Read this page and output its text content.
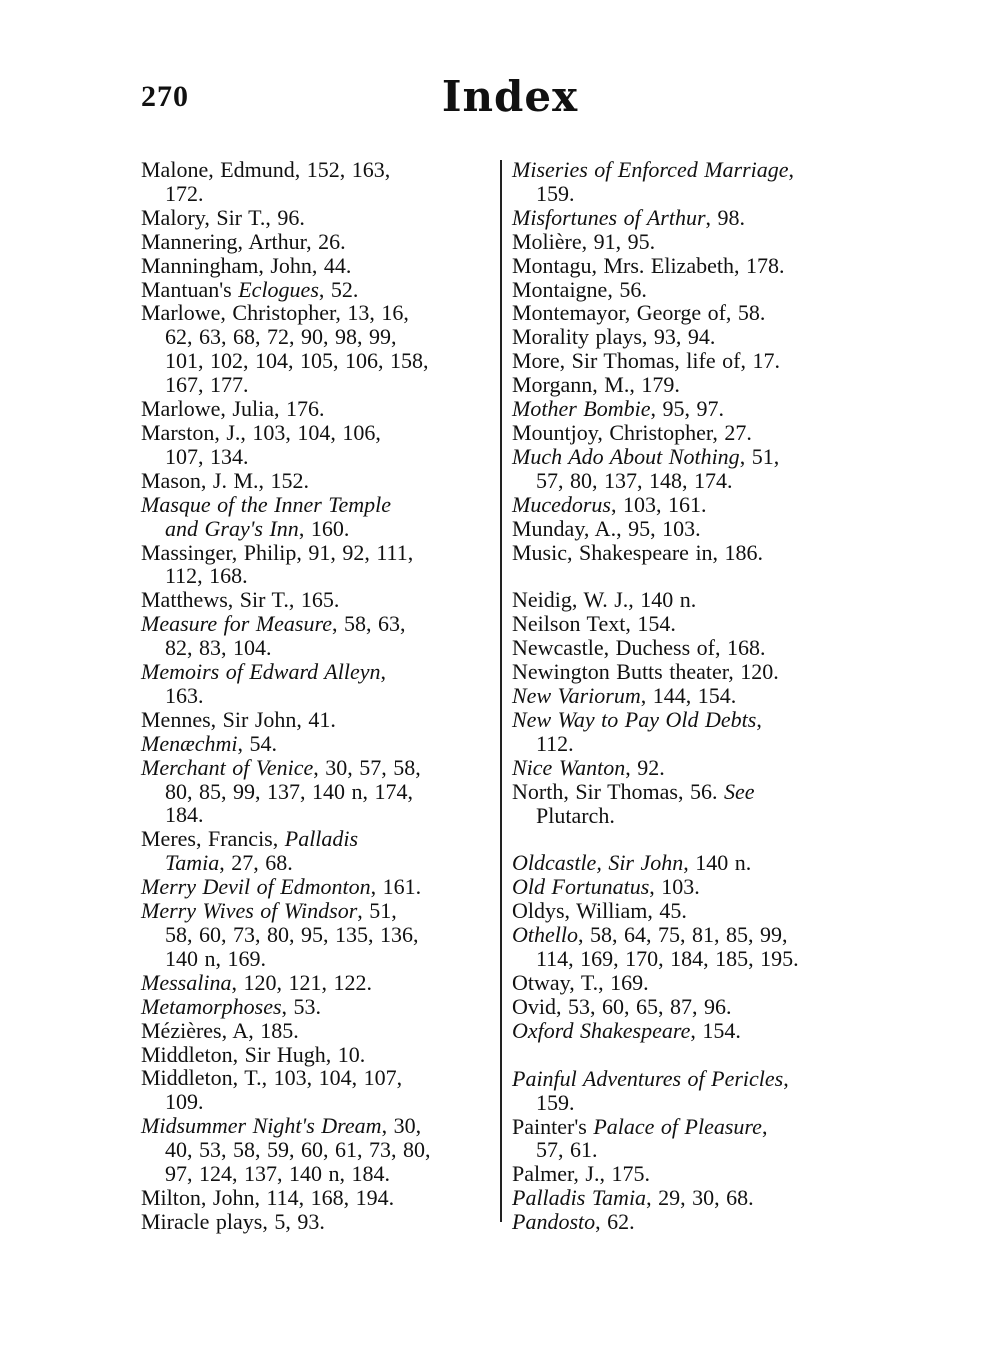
270	Index
Malone, Edmund, 152, 163,
172.
Malory, Sir T., 96.
Mannering, Arthur, 26.
Manningham, John, 44.
Mantuan's Eclogues, 52.
Marlowe, Christopher, 13, 16,
62, 63, 68, 72, 90, 98, 99,
101, 102, 104, 105, 106, 158,
167, 177.
Marlowe, Julia, 176.
Marston, J., 103, 104, 106,
107, 134.
Mason, J. M., 152.
Masque of the Inner Temple
and Gray's Inn, 160.
Massinger, Philip, 91, 92, 111,
112, 168.
Matthews, Sir T., 165.
Measure for Measure, 58, 63,
82, 83, 104.
Memoirs of Edward Alleyn,
163.
Mennes, Sir John, 41.
Menæchmi, 54.
Merchant of Venice, 30, 57, 58,
80, 85, 99, 137, 140 n, 174,
184.
Meres, Francis, Palladis
Tamia, 27, 68.
Merry Devil of Edmonton, 161.
Merry Wives of Windsor, 51,
58, 60, 73, 80, 95, 135, 136,
140 n, 169.
Messalina, 120, 121, 122.
Metamorphoses, 53.
Mézières, A, 185.
Middleton, Sir Hugh, 10.
Middleton, T., 103, 104, 107,
109.
Midsummer Night's Dream, 30,
40, 53, 58, 59, 60, 61, 73, 80,
97, 124, 137, 140 n, 184.
Milton, John, 114, 168, 194.
Miracle plays, 5, 93.
Miseries of Enforced Marriage,
159.
Misfortunes of Arthur, 98.
Molière, 91, 95.
Montagu, Mrs. Elizabeth, 178.
Montaigne, 56.
Montemayor, George of, 58.
Morality plays, 93, 94.
More, Sir Thomas, life of, 17.
Morgann, M., 179.
Mother Bombie, 95, 97.
Mountjoy, Christopher, 27.
Much Ado About Nothing, 51,
57, 80, 137, 148, 174.
Mucedorus, 103, 161.
Munday, A., 95, 103.
Music, Shakespeare in, 186.
Neidig, W. J., 140 n.
Neilson Text, 154.
Newcastle, Duchess of, 168.
Newington Butts theater, 120.
New Variorum, 144, 154.
New Way to Pay Old Debts,
112.
Nice Wanton, 92.
North, Sir Thomas, 56. See
Plutarch.
Oldcastle, Sir John, 140 n.
Old Fortunatus, 103.
Oldys, William, 45.
Othello, 58, 64, 75, 81, 85, 99,
114, 169, 170, 184, 185, 195.
Otway, T., 169.
Ovid, 53, 60, 65, 87, 96.
Oxford Shakespeare, 154.
Painful Adventures of Pericles,
159.
Painter's Palace of Pleasure,
57, 61.
Palmer, J., 175.
Palladis Tamia, 29, 30, 68.
Pandosto, 62.
